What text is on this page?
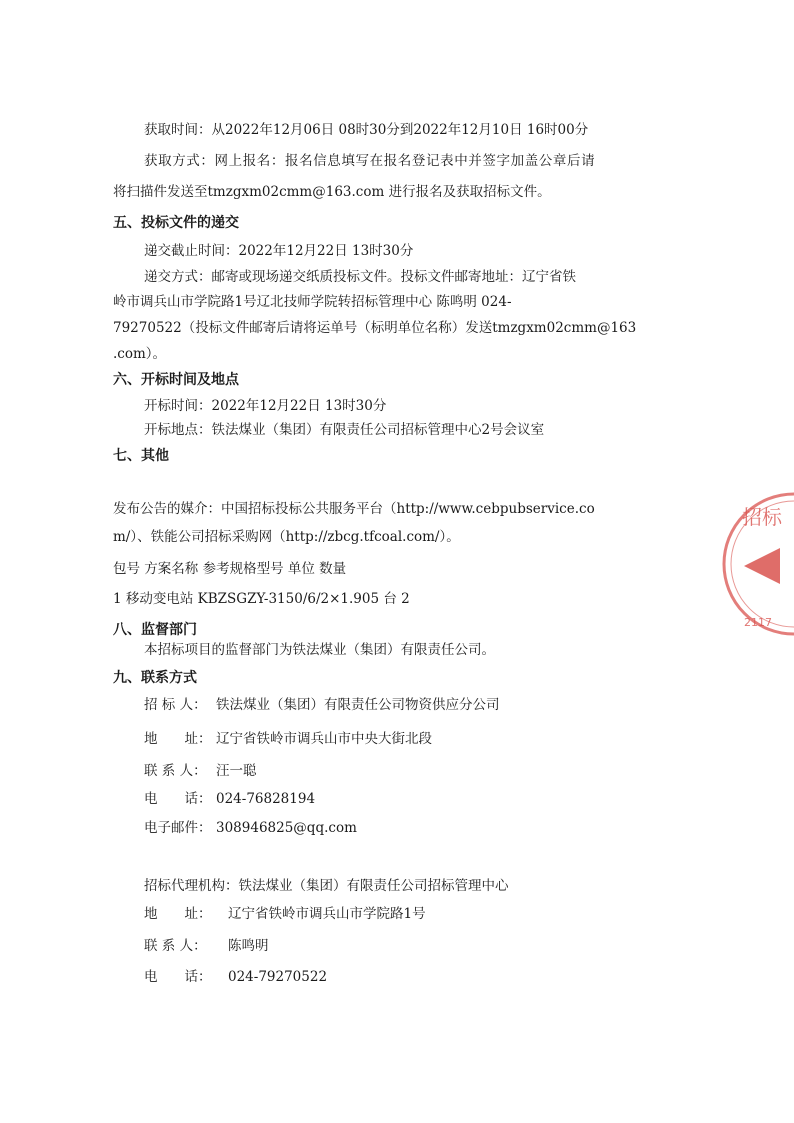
获取时间：从2022年12月06日 08时30分到2022年12月10日 16时00分
获取方式：网上报名：报名信息填写在报名登记表中并签字加盖公章后请
将扫描件发送至tmzgxm02cmm@163.com 进行报名及获取招标文件。
五、投标文件的递交
递交截止时间：2022年12月22日 13时30分
递交方式：邮寄或现场递交纸质投标文件。投标文件邮寄地址：辽宁省铁
岭市调兵山市学院路1号辽北技师学院转招标管理中心 陈鸣明 024-
79270522（投标文件邮寄后请将运单号（标明单位名称）发送tmzgxm02cmm@163
.com）。
六、开标时间及地点
开标时间：2022年12月22日 13时30分
开标地点：铁法煤业（集团）有限责任公司招标管理中心2号会议室
七、其他
发布公告的媒介：中国招标投标公共服务平台（http://www.cebpubservice.co
m/）、铁能公司招标采购网（http://zbcg.tfcoal.com/）。
包号 方案名称 参考规格型号 单位 数量
1 移动变电站 KBZSGZY-3150/6/2×1.905 台 2
八、监督部门
本招标项目的监督部门为铁法煤业（集团）有限责任公司。
九、联系方式
招 标 人： 铁法煤业（集团）有限责任公司物资供应分公司
地　　址： 辽宁省铁岭市调兵山市中央大街北段
联 系 人： 汪一聪
电　　话： 024-76828194
电子邮件： 308946825@qq.com
招标代理机构：铁法煤业（集团）有限责任公司招标管理中心
地　　址： 辽宁省铁岭市调兵山市学院路1号
联 系 人： 陈鸣明
电　　话： 024-79270522
招标
2117
